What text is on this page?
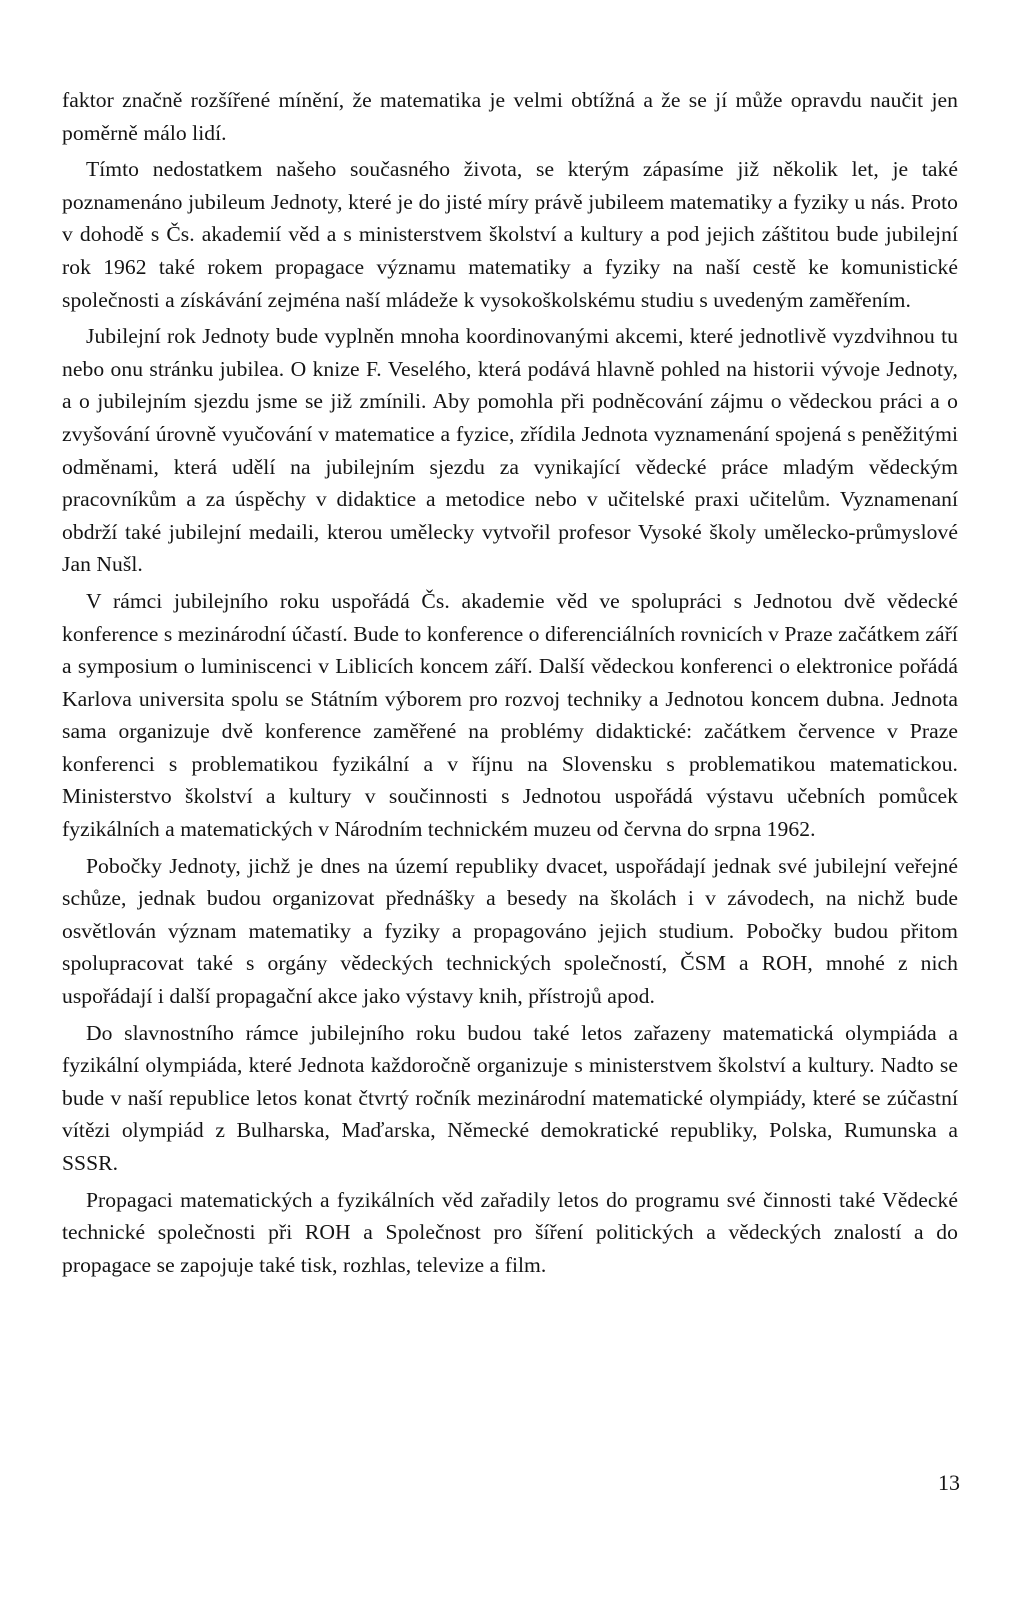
faktor značně rozšířené mínění, že matematika je velmi obtížná a že se jí může opravdu naučit jen poměrně málo lidí.

Tímto nedostatkem našeho současného života, se kterým zápasíme již několik let, je také poznamenáno jubileum Jednoty, které je do jisté míry právě jubileem matematiky a fyziky u nás. Proto v dohodě s Čs. akademií věd a s ministerstvem školství a kultury a pod jejich záštitou bude jubilejní rok 1962 také rokem propagace významu matematiky a fyziky na naší cestě ke komunistické společnosti a získávání zejména naší mládeže k vysokoškolskému studiu s uvedeným zaměřením.

Jubilejní rok Jednoty bude vyplněn mnoha koordinovanými akcemi, které jednotlivě vyzdvihnou tu nebo onu stránku jubilea. O knize F. Veselého, která podává hlavně pohled na historii vývoje Jednoty, a o jubilejním sjezdu jsme se již zmínili. Aby pomohla při podněcování zájmu o vědeckou práci a o zvyšování úrovně vyučování v matematice a fyzice, zřídila Jednota vyznamenání spojená s peněžitými odměnami, která udělí na jubilejním sjezdu za vynikající vědecké práce mladým vědeckým pracovníkům a za úspěchy v didaktice a metodice nebo v učitelské praxi učitelům. Vyznamenaní obdrží také jubilejní medaili, kterou umělecky vytvořil profesor Vysoké školy umělecko-průmyslové Jan Nušl.

V rámci jubilejního roku uspořádá Čs. akademie věd ve spolupráci s Jednotou dvě vědecké konference s mezinárodní účastí. Bude to konference o diferenciálních rovnicích v Praze začátkem září a symposium o luminiscenci v Liblicích koncem září. Další vědeckou konferenci o elektronice pořádá Karlova universita spolu se Státním výborem pro rozvoj techniky a Jednotou koncem dubna. Jednota sama organizuje dvě konference zaměřené na problémy didaktické: začátkem července v Praze konferenci s problematikou fyzikální a v říjnu na Slovensku s problematikou matematickou. Ministerstvo školství a kultury v součinnosti s Jednotou uspořádá výstavu učebních pomůcek fyzikálních a matematických v Národním technickém muzeu od června do srpna 1962.

Pobočky Jednoty, jichž je dnes na území republiky dvacet, uspořádají jednak své jubilejní veřejné schůze, jednak budou organizovat přednášky a besedy na školách i v závodech, na nichž bude osvětlován význam matematiky a fyziky a propagováno jejich studium. Pobočky budou přitom spolupracovat také s orgány vědeckých technických společností, ČSM a ROH, mnohé z nich uspořádají i další propagační akce jako výstavy knih, přístrojů apod.

Do slavnostního rámce jubilejního roku budou také letos zařazeny matematická olympiáda a fyzikální olympiáda, které Jednota každoročně organizuje s ministerstvem školství a kultury. Nadto se bude v naší republice letos konat čtvrtý ročník mezinárodní matematické olympiády, které se zúčastní vítězi olympiád z Bulharska, Maďarska, Německé demokratické republiky, Polska, Rumunska a SSSR.

Propagaci matematických a fyzikálních věd zařadily letos do programu své činnosti také Vědecké technické společnosti při ROH a Společnost pro šíření politických a vědeckých znalostí a do propagace se zapojuje také tisk, rozhlas, televize a film.

13
